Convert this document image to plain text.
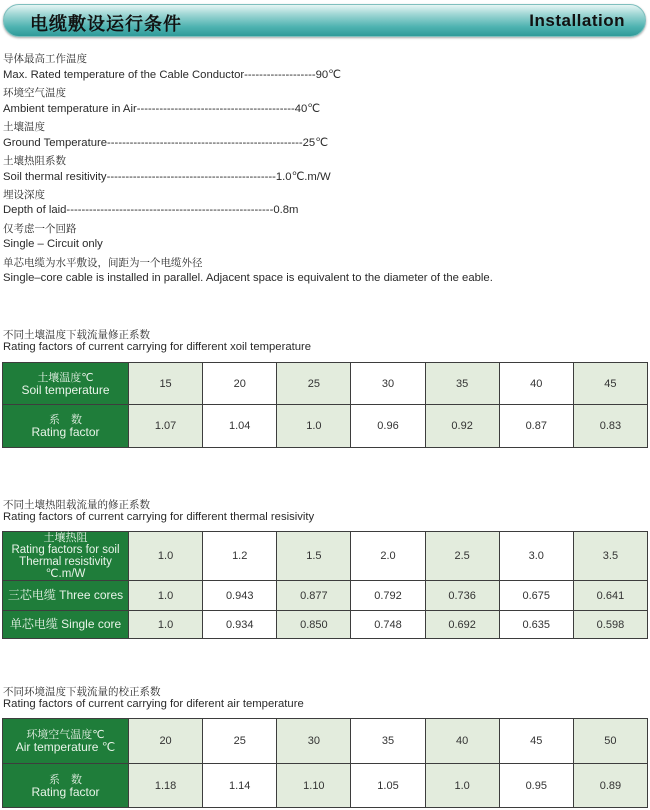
电缆敷设运行条件	Installation
导体最高工作温度
Max. Rated temperature of the Cable Conductor-------------------90℃
环境空气温度
Ambient temperature in Air------------------------------------------40℃
土壤温度
Ground Temperature----------------------------------------------------25℃
土壤热阻系数
Soil thermal resitivity---------------------------------------------1.0℃.m/W
埋设深度
Depth of laid-------------------------------------------------------0.8m
仅考虑一个回路
Single – Circuit only
单芯电缆为水平敷设，间距为一个电缆外径
Single–core cable is installed in parallel. Adjacent space is equivalent to the diameter of the eable.
不同土壤温度下载流量修正系数
Rating factors of current carrying for different xoil temperature
土壤温度℃
Soil temperature	15	20	25	30	35	40	45

系　数
Rating factor	1.07	1.04	1.0	0.96	0.92	0.87	0.83
不同土壤热阻载流量的修正系数
Rating factors of current carrying for different thermal resisivity
土壤热阻
Rating factors for soil
Thermal resistivity ℃.m/W	1.0	1.2	1.5	2.0	2.5	3.0	3.5
三芯电缆 Three cores	1.0	0.943	0.877	0.792	0.736	0.675	0.641
单芯电缆 Single core	1.0	0.934	0.850	0.748	0.692	0.635	0.598
不同环境温度下载流量的校正系数
Rating factors of current carrying for diferent air temperature
环境空气温度℃
Air temperature ℃	20	25	30	35	40	45	50

系　数
Rating factor	1.18	1.14	1.10	1.05	1.0	0.95	0.89
